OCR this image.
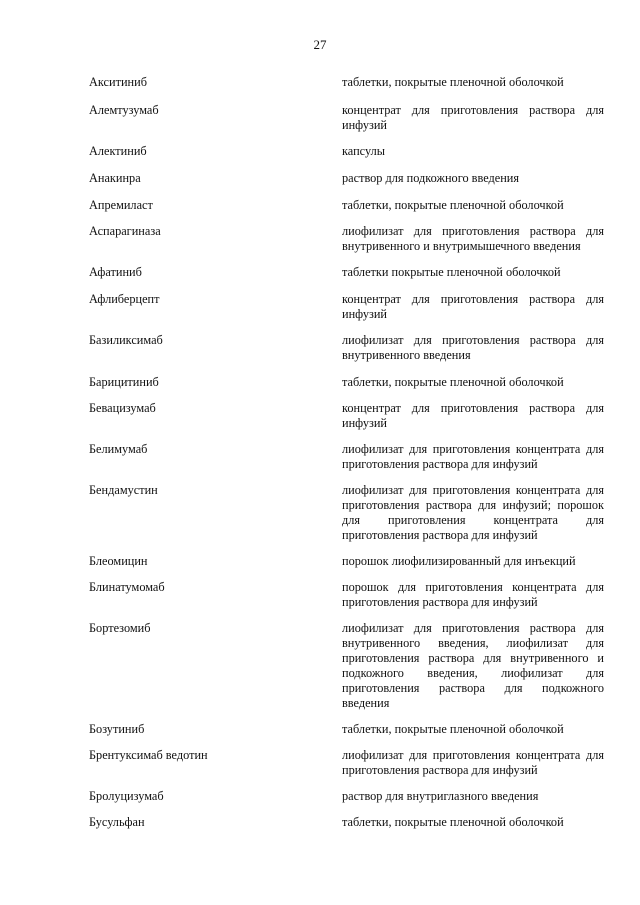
27
Акситиниб	таблетки, покрытые пленочной оболочкой
Алемтузумаб	концентрат для приготовления раствора для инфузий
Алектиниб	капсулы
Анакинра	раствор для подкожного введения
Апремиласт	таблетки, покрытые пленочной оболочкой
Аспарагиназа	лиофилизат для приготовления раствора для внутривенного и внутримышечного введения
Афатиниб	таблетки покрытые пленочной оболочкой
Афлиберцепт	концентрат для приготовления раствора для инфузий
Базиликсимаб	лиофилизат для приготовления раствора для внутривенного введения
Барицитиниб	таблетки, покрытые пленочной оболочкой
Бевацизумаб	концентрат для приготовления раствора для инфузий
Белимумаб	лиофилизат для приготовления концентрата для приготовления раствора для инфузий
Бендамустин	лиофилизат для приготовления концентрата для приготовления раствора для инфузий; порошок для приготовления концентрата для приготовления раствора для инфузий
Блеомицин	порошок лиофилизированный для инъекций
Блинатумомаб	порошок для приготовления концентрата для приготовления раствора для инфузий
Бортезомиб	лиофилизат для приготовления раствора для внутривенного введения, лиофилизат для приготовления раствора для внутривенного и подкожного введения, лиофилизат для приготовления раствора для подкожного введения
Бозутиниб	таблетки, покрытые пленочной оболочкой
Брентуксимаб ведотин	лиофилизат для приготовления концентрата для приготовления раствора для инфузий
Бролуцизумаб	раствор для внутриглазного введения
Бусульфан	таблетки, покрытые пленочной оболочкой
